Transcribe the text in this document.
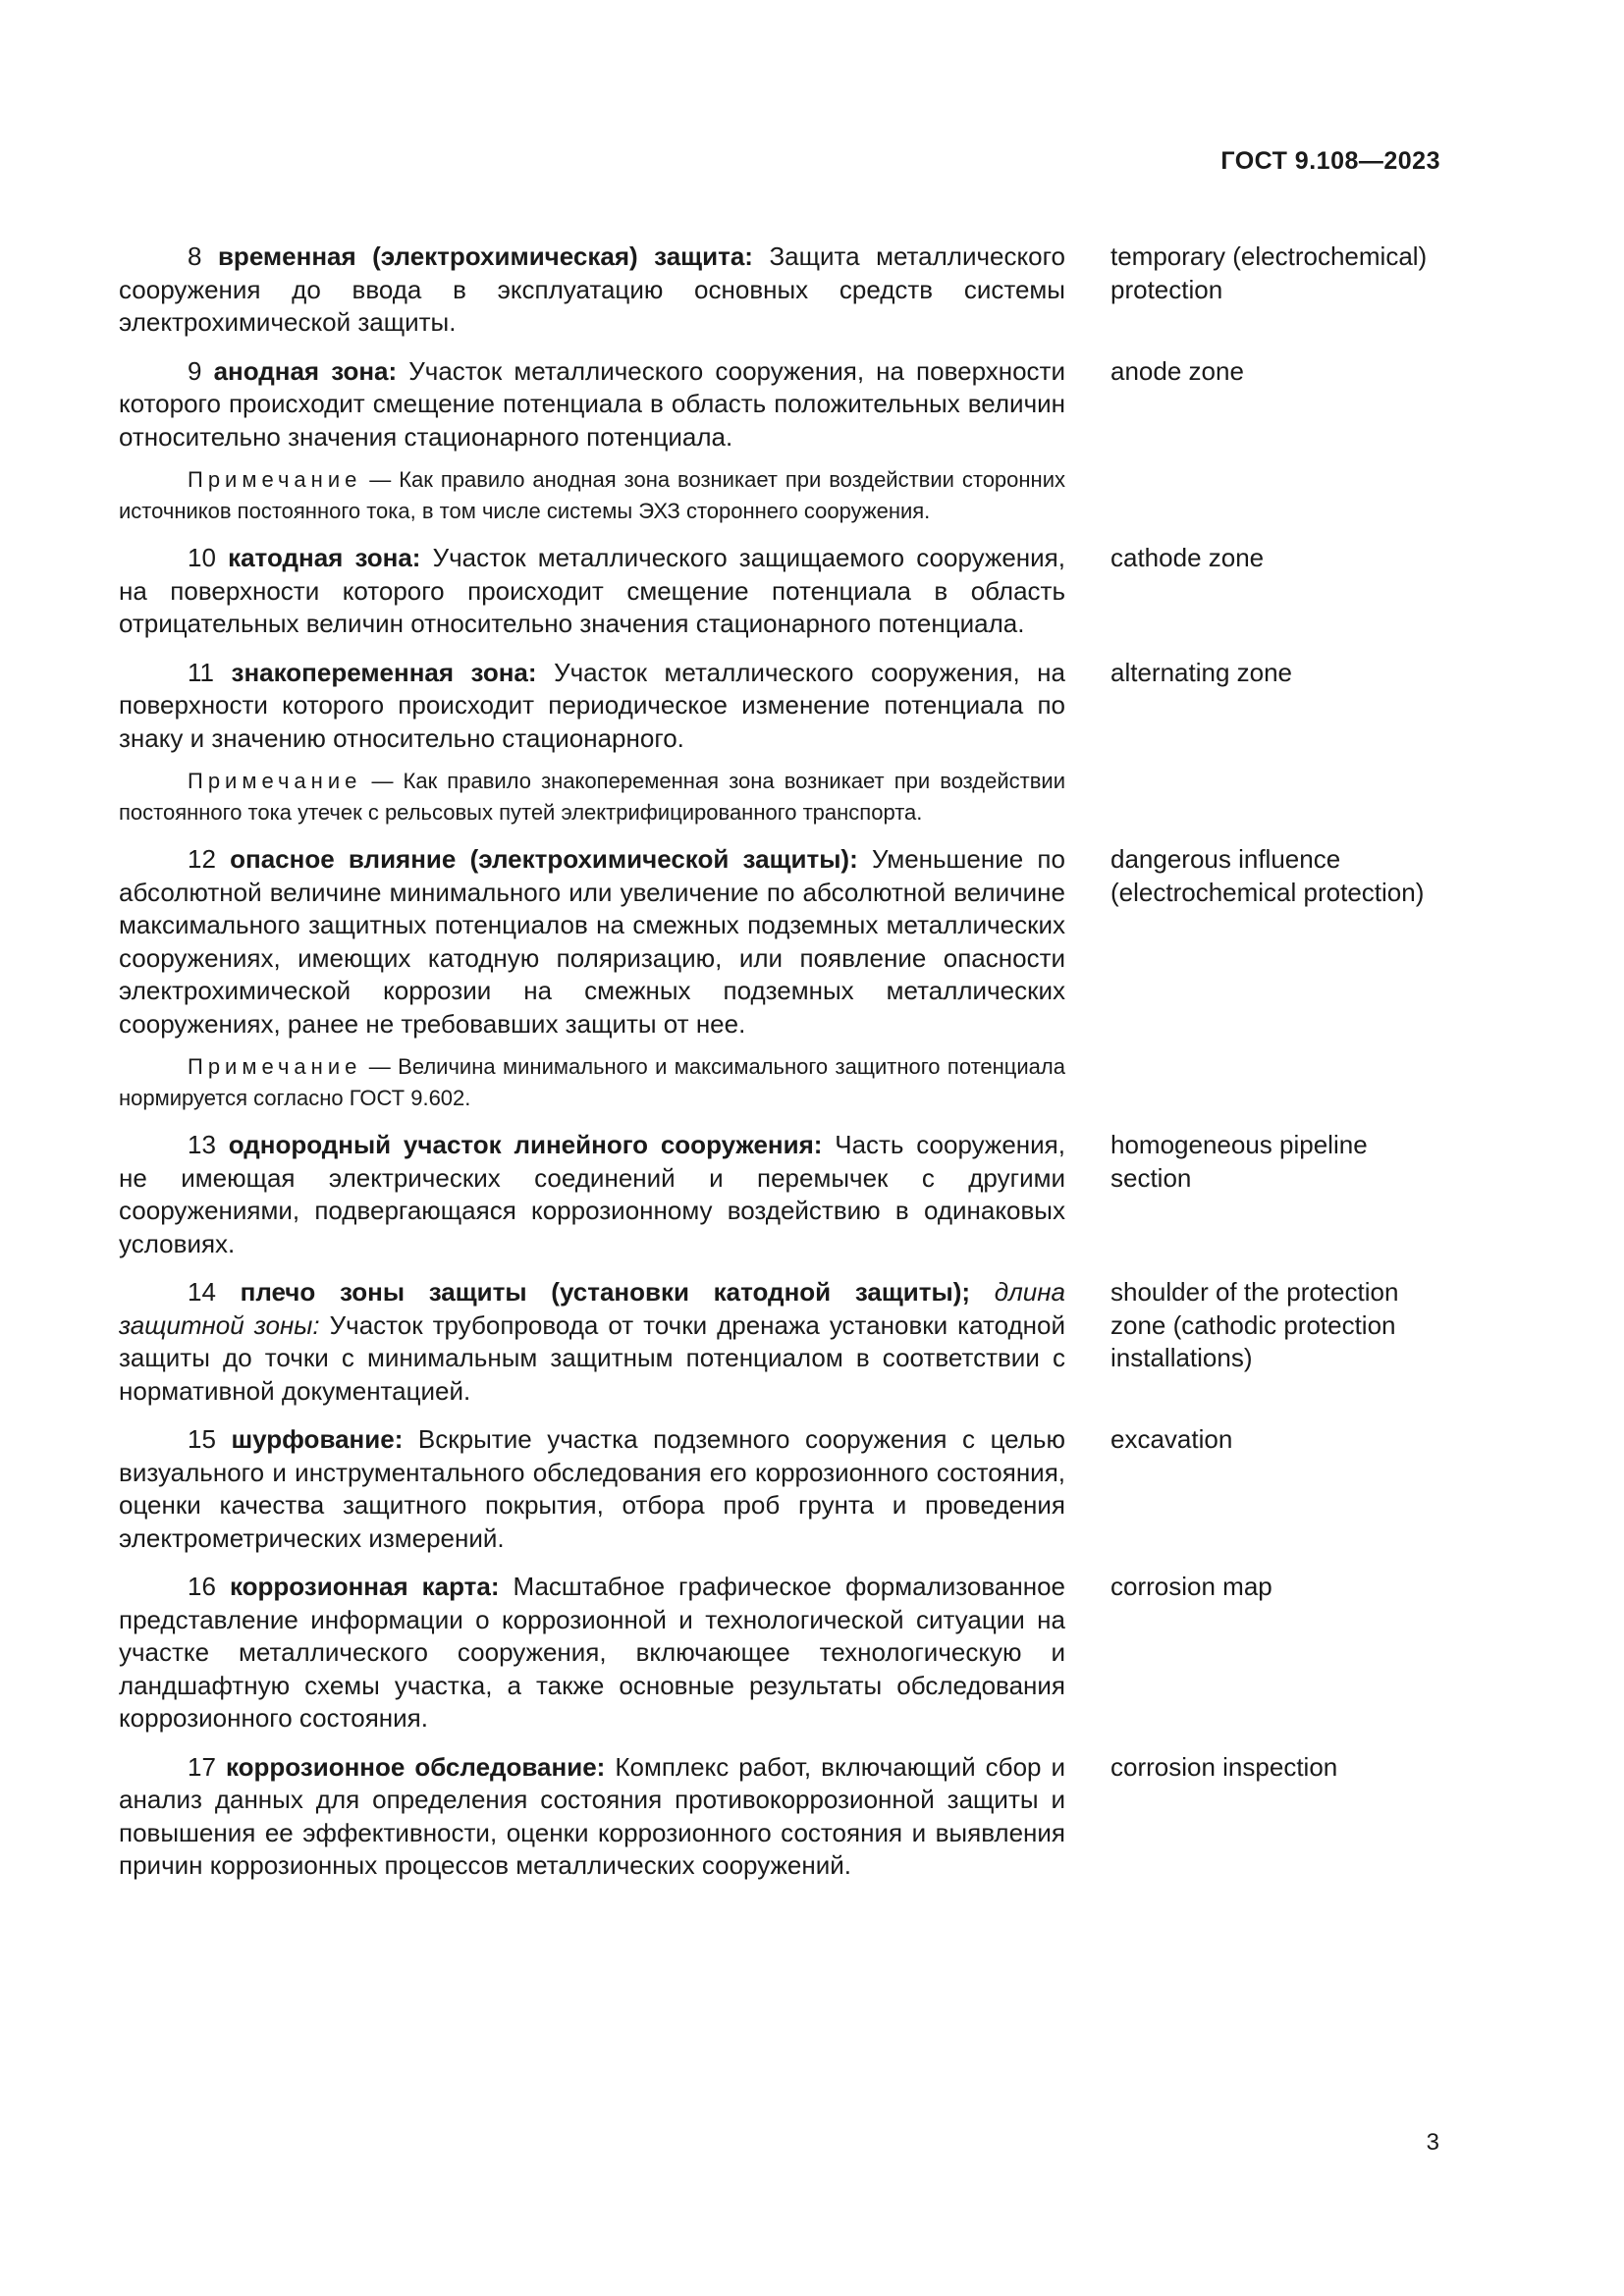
ГОСТ 9.108—2023

8 временная (электрохимическая) защита: Защита металлического сооружения до ввода в эксплуатацию основных средств системы электрохимической защиты.

temporary (electrochemical) protection

9 анодная зона: Участок металлического сооружения, на поверхности которого происходит смещение потенциала в область положительных величин относительно значения стационарного потенциала.

Примечание — Как правило анодная зона возникает при воздействии сторонних источников постоянного тока, в том числе системы ЭХЗ стороннего сооружения.

anode zone

10 катодная зона: Участок металлического защищаемого сооружения, на поверхности которого происходит смещение потенциала в область отрицательных величин относительно значения стационарного потенциала.

cathode zone

11 знакопеременная зона: Участок металлического сооружения, на поверхности которого происходит периодическое изменение потенциала по знаку и значению относительно стационарного.

Примечание — Как правило знакопеременная зона возникает при воздействии постоянного тока утечек с рельсовых путей электрифицированного транспорта.

alternating zone

12 опасное влияние (электрохимической защиты): Уменьшение по абсолютной величине минимального или увеличение по абсолютной величине максимального защитных потенциалов на смежных подземных металлических сооружениях, имеющих катодную поляризацию, или появление опасности электрохимической коррозии на смежных подземных металлических сооружениях, ранее не требовавших защиты от нее.

Примечание — Величина минимального и максимального защитного потенциала нормируется согласно ГОСТ 9.602.

dangerous influence (electrochemical protection)

13 однородный участок линейного сооружения: Часть сооружения, не имеющая электрических соединений и перемычек с другими сооружениями, подвергающаяся коррозионному воздействию в одинаковых условиях.

homogeneous pipeline section

14 плечо зоны защиты (установки катодной защиты); длина защитной зоны: Участок трубопровода от точки дренажа установки катодной защиты до точки с минимальным защитным потенциалом в соответствии с нормативной документацией.

shoulder of the protection zone (cathodic protection installations)

15 шурфование: Вскрытие участка подземного сооружения с целью визуального и инструментального обследования его коррозионного состояния, оценки качества защитного покрытия, отбора проб грунта и проведения электрометрических измерений.

excavation

16 коррозионная карта: Масштабное графическое формализованное представление информации о коррозионной и технологической ситуации на участке металлического сооружения, включающее технологическую и ландшафтную схемы участка, а также основные результаты обследования коррозионного состояния.

corrosion map

17 коррозионное обследование: Комплекс работ, включающий сбор и анализ данных для определения состояния противокоррозионной защиты и повышения ее эффективности, оценки коррозионного состояния и выявления причин коррозионных процессов металлических сооружений.

corrosion inspection
3
